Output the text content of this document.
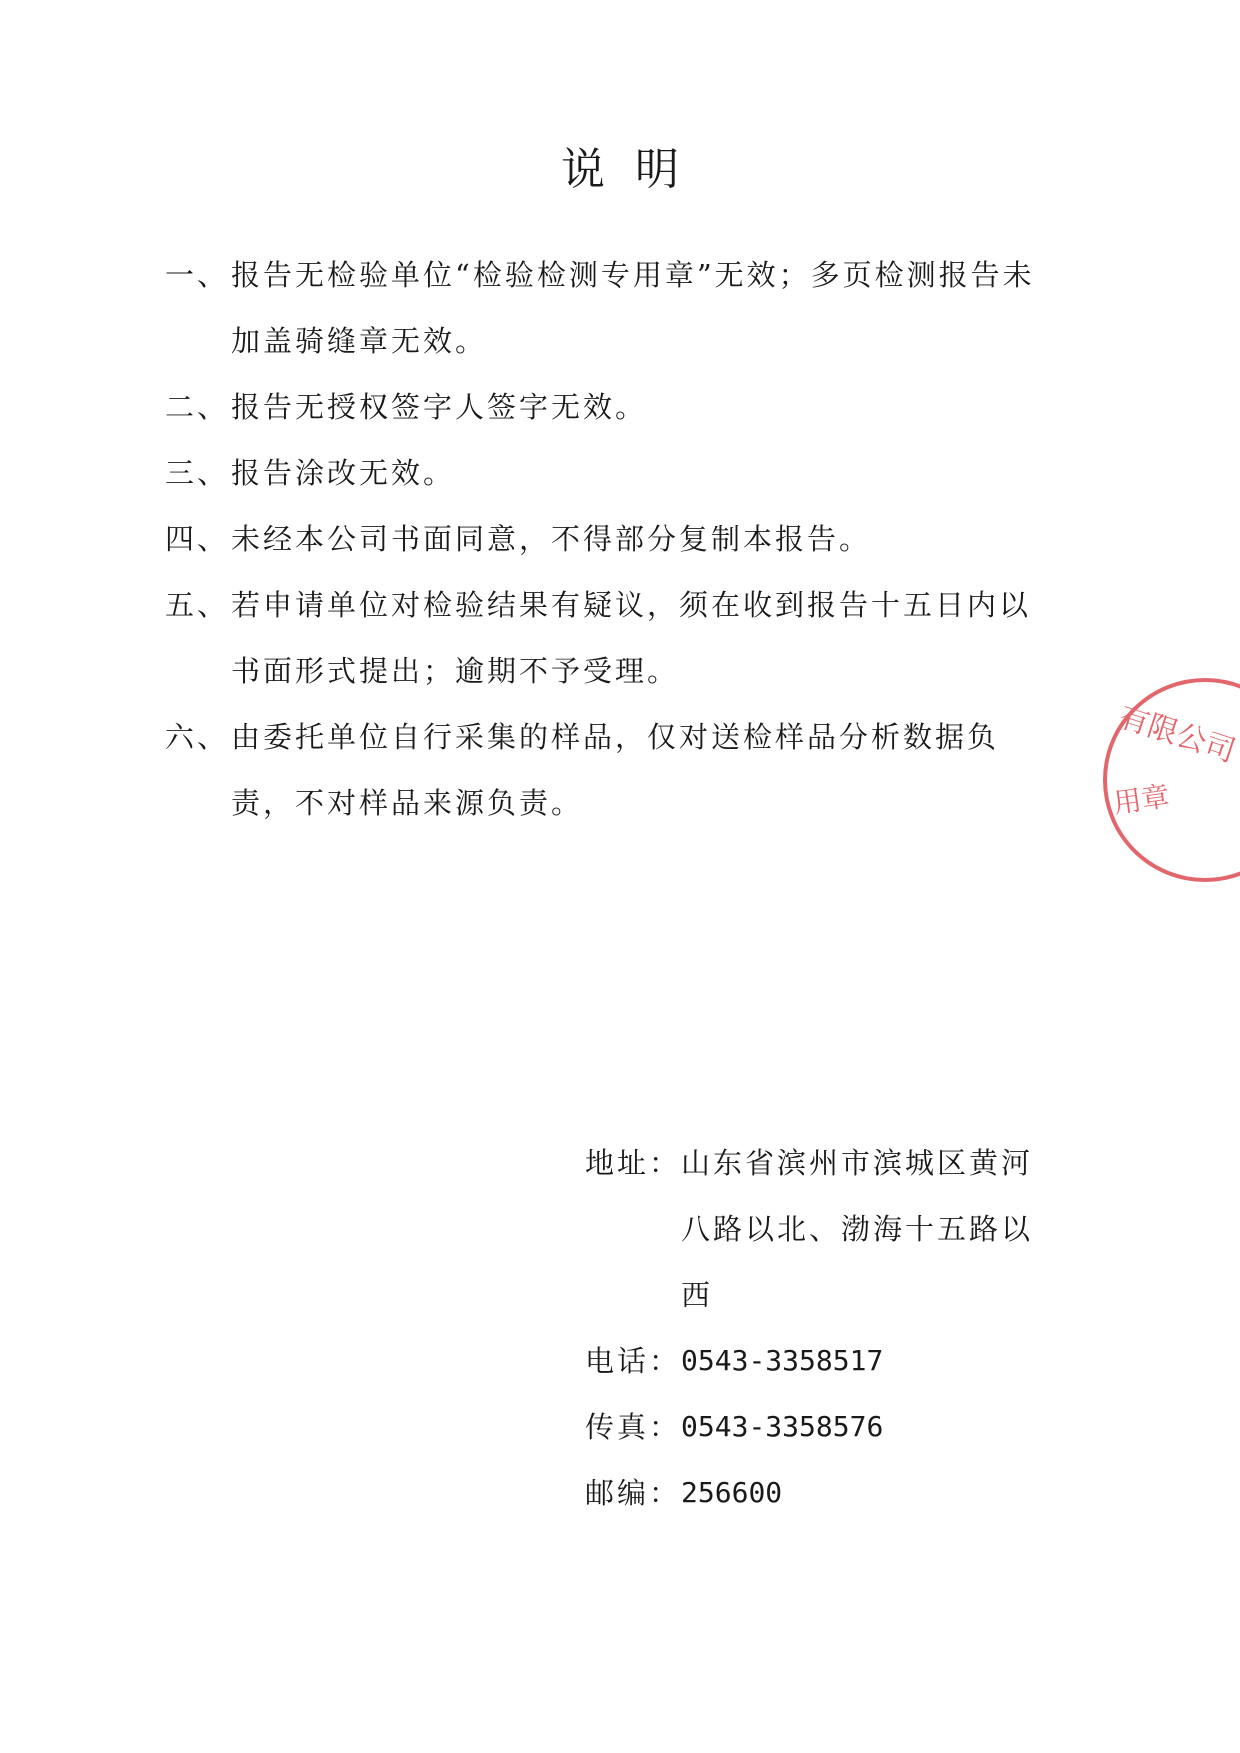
说明
一、 报告无检验单位“检验检测专用章”无效；多页检测报告未加盖骑缝章无效。
二、 报告无授权签字人签字无效。
三、 报告涂改无效。
四、 未经本公司书面同意，不得部分复制本报告。
五、 若申请单位对检验结果有疑议，须在收到报告十五日内以书面形式提出；逾期不予受理。
六、 由委托单位自行采集的样品，仅对送检样品分析数据负责，不对样品来源负责。
地址： 山东省滨州市滨城区黄河八路以北、渤海十五路以西
电话： 0543-3358517
传真： 0543-3358576
邮编： 256600
有限公司
用章
